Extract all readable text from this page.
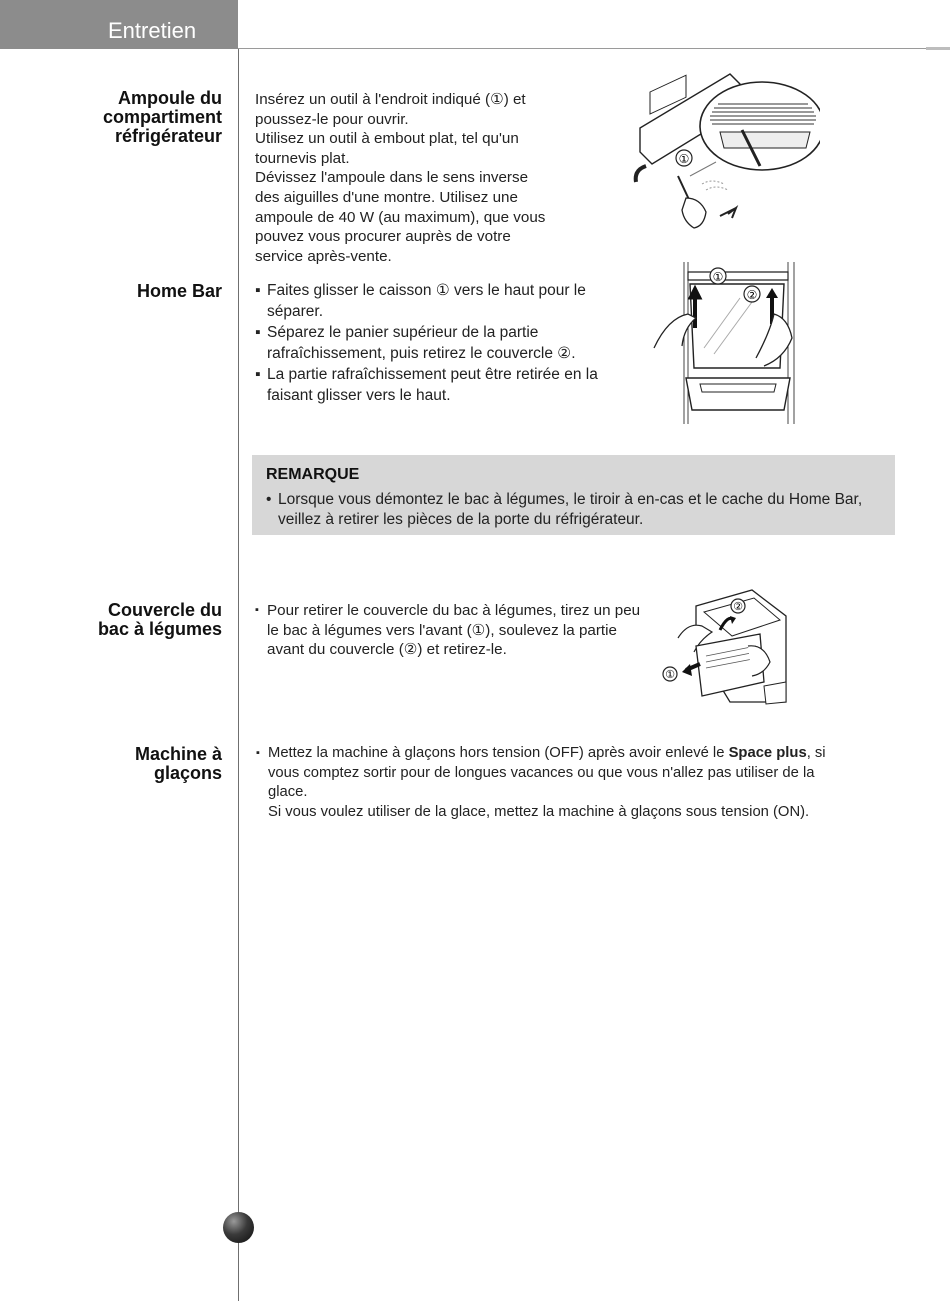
Entretien
Ampoule du
compartiment
réfrigérateur

Insérez un outil à l'endroit indiqué (①) et

poussez-le pour ouvrir.

Utilisez un outil à embout plat, tel qu'un

tournevis plat.

Dévissez l'ampoule dans le sens inverse

des aiguilles d'une montre. Utilisez une

ampoule de 40 W (au maximum), que vous

pouvez vous procurer auprès de votre

service après-vente.

①
Home Bar ▪ Faites glisser le caisson ① vers le haut pour le séparer.
▪ Séparez le panier supérieur de la partie rafraîchissement, puis retirez le couvercle ②.
▪ La partie rafraîchissement peut être retirée en la faisant glisser vers le haut.
①
②
REMARQUE
• Lorsque vous démontez le bac à légumes, le tiroir à en-cas et le cache du Home Bar, veillez à retirer les pièces de la porte du réfrigérateur.
Couvercle du
bac à légumes
▪ Pour retirer le couvercle du bac à légumes, tirez un peu le bac à légumes vers l'avant (①), soulevez la partie avant du couvercle (②) et retirez-le.
②
①
Machine à
glaçons
▪ Mettez la machine à glaçons hors tension (OFF) après avoir enlevé le Space plus, si vous comptez sortir pour de longues vacances ou que vous n'allez pas utiliser de la glace.
Si vous voulez utiliser de la glace, mettez la machine à glaçons sous tension (ON).
